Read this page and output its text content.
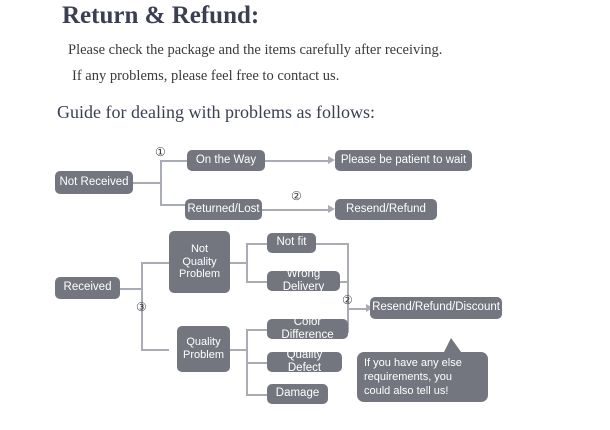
Return & Refund:
Please check the package and the items carefully after receiving.
If any problems, please feel free to contact us.
Guide for dealing with problems as follows:
Not Received
On the Way
Returned/Lost
Please be patient to wait
Resend/Refund
①
②
Received
Not
Quality
Problem
Quality
Problem
Not fit
Wrong Delivery
Color Difference
Quality Defect
Damage
Resend/Refund/Discount
③	②
If you have any else requirements, you could also tell us!
